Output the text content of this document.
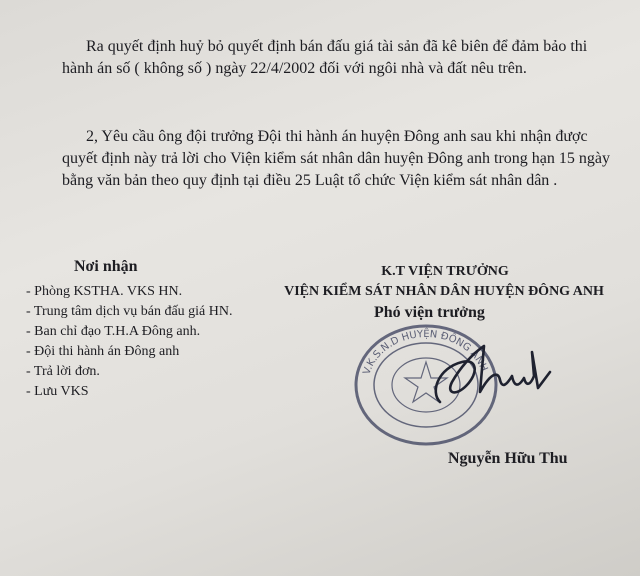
Ra quyết định huỷ bỏ quyết định bán đấu giá tài sản đã kê biên để đảm bảo thi hành án số ( không số ) ngày 22/4/2002 đối với ngôi nhà và đất nêu trên.

2, Yêu cầu ông đội trưởng Đội thi hành án huyện Đông anh sau khi nhận được quyết định này trả lời cho Viện kiểm sát nhân dân huyện Đông anh trong hạn 15 ngày bằng văn bản theo quy định tại điều 25 Luật tổ chức Viện kiểm sát nhân dân .

Nơi nhận
- Phòng KSTHA. VKS HN.
- Trung tâm dịch vụ bán đấu giá HN.
- Ban chỉ đạo T.H.A Đông anh.
- Đội thi hành án Đông anh
- Trả lời đơn.
- Lưu VKS
K.T VIỆN TRƯỞNG
VIỆN KIỂM SÁT NHÂN DÂN HUYỆN ĐÔNG ANH
Phó viện trưởng
V.K.S.N.D HUYỆN ĐÔNG ANH
Nguyễn Hữu Thu
